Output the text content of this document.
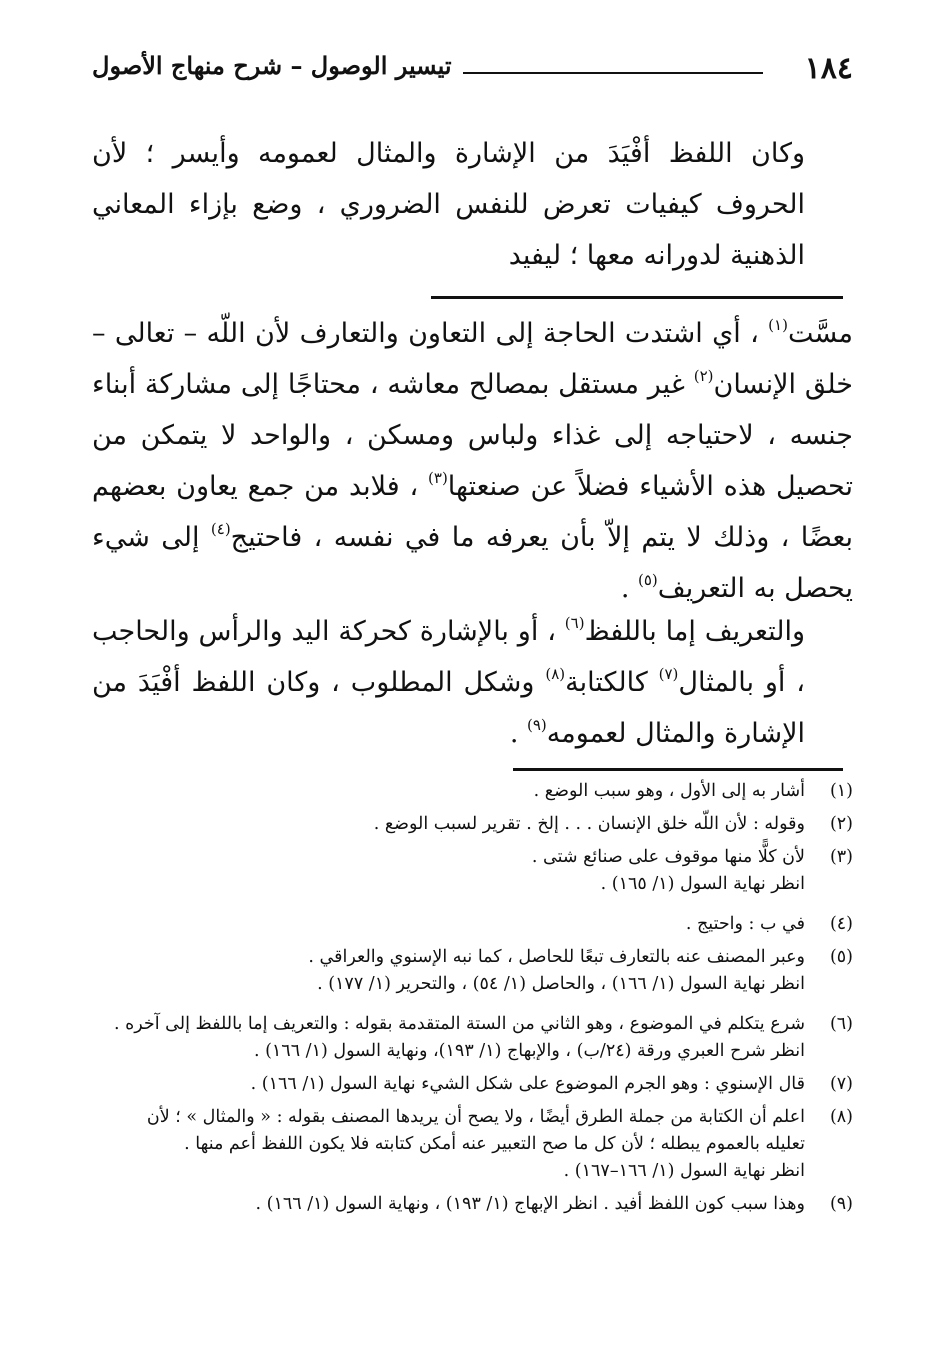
١٨٤
تيسير الوصول – شرح منهاج الأصول

وكان اللفظ أفْيَدَ من الإشارة والمثال لعمومه وأيسر ؛ لأن الحروف كيفيات تعرض للنفس الضروري ، وضع بإزاء المعاني الذهنية لدورانه معها ؛ ليفيد

مسَّت$^{(١)}$ ، أي اشتدت الحاجة إلى التعاون والتعارف لأن اللّه – تعالى – خلق الإنسان$^{(٢)}$ غير مستقل بمصالح معاشه ، محتاجًا إلى مشاركة أبناء جنسه ، لاحتياجه إلى غذاء ولباس ومسكن ، والواحد لا يتمكن من تحصيل هذه الأشياء فضلاً عن صنعتها$^{(٣)}$ ، فلابد من جمع يعاون بعضهم بعضًا ، وذلك لا يتم إلاّ بأن يعرفه ما في نفسه ، فاحتيج$^{(٤)}$ إلى شيء يحصل به التعريف$^{(٥)}$ .

والتعريف إما باللفظ$^{(٦)}$ ، أو بالإشارة كحركة اليد والرأس والحاجب ، أو بالمثال$^{(٧)}$ كالكتابة$^{(٨)}$ وشكل المطلوب ، وكان اللفظ أفْيَدَ من الإشارة والمثال لعمومه$^{(٩)}$ .

(١)
أشار به إلى الأول ، وهو سبب الوضع .
(٢)
وقوله : لأن اللّه خلق الإنسان . . . إلخ . تقرير لسبب الوضع .
(٣)
لأن كلًّا منها موقوف على صنائع شتى .
انظر نهاية السول (١/ ١٦٥) .
(٤)
في ب : واحتيج .
(٥)
وعبر المصنف عنه بالتعارف تبعًا للحاصل ، كما نبه الإسنوي والعراقي .
انظر نهاية السول (١/ ١٦٦) ، والحاصل (١/ ٥٤) ، والتحرير (١/ ١٧٧) .
(٦)
شرع يتكلم في الموضوع ، وهو الثاني من الستة المتقدمة بقوله : والتعريف إما باللفظ إلى آخره .
انظر شرح العبري ورقة (٢٤/ب) ، والإبهاج (١/ ١٩٣)، ونهاية السول (١/ ١٦٦) .
(٧)
قال الإسنوي : وهو الجرم الموضوع على شكل الشيء نهاية السول (١/ ١٦٦) .
(٨)
اعلم أن الكتابة من جملة الطرق أيضًا ، ولا يصح أن يريدها المصنف بقوله : « والمثال » ؛ لأن
تعليله بالعموم يبطله ؛ لأن كل ما صح التعبير عنه أمكن كتابته فلا يكون اللفظ أعم منها .
انظر نهاية السول (١/ ١٦٦–١٦٧) .
(٩)
وهذا سبب كون اللفظ أفيد . انظر الإبهاج (١/ ١٩٣) ، ونهاية السول (١/ ١٦٦) .
